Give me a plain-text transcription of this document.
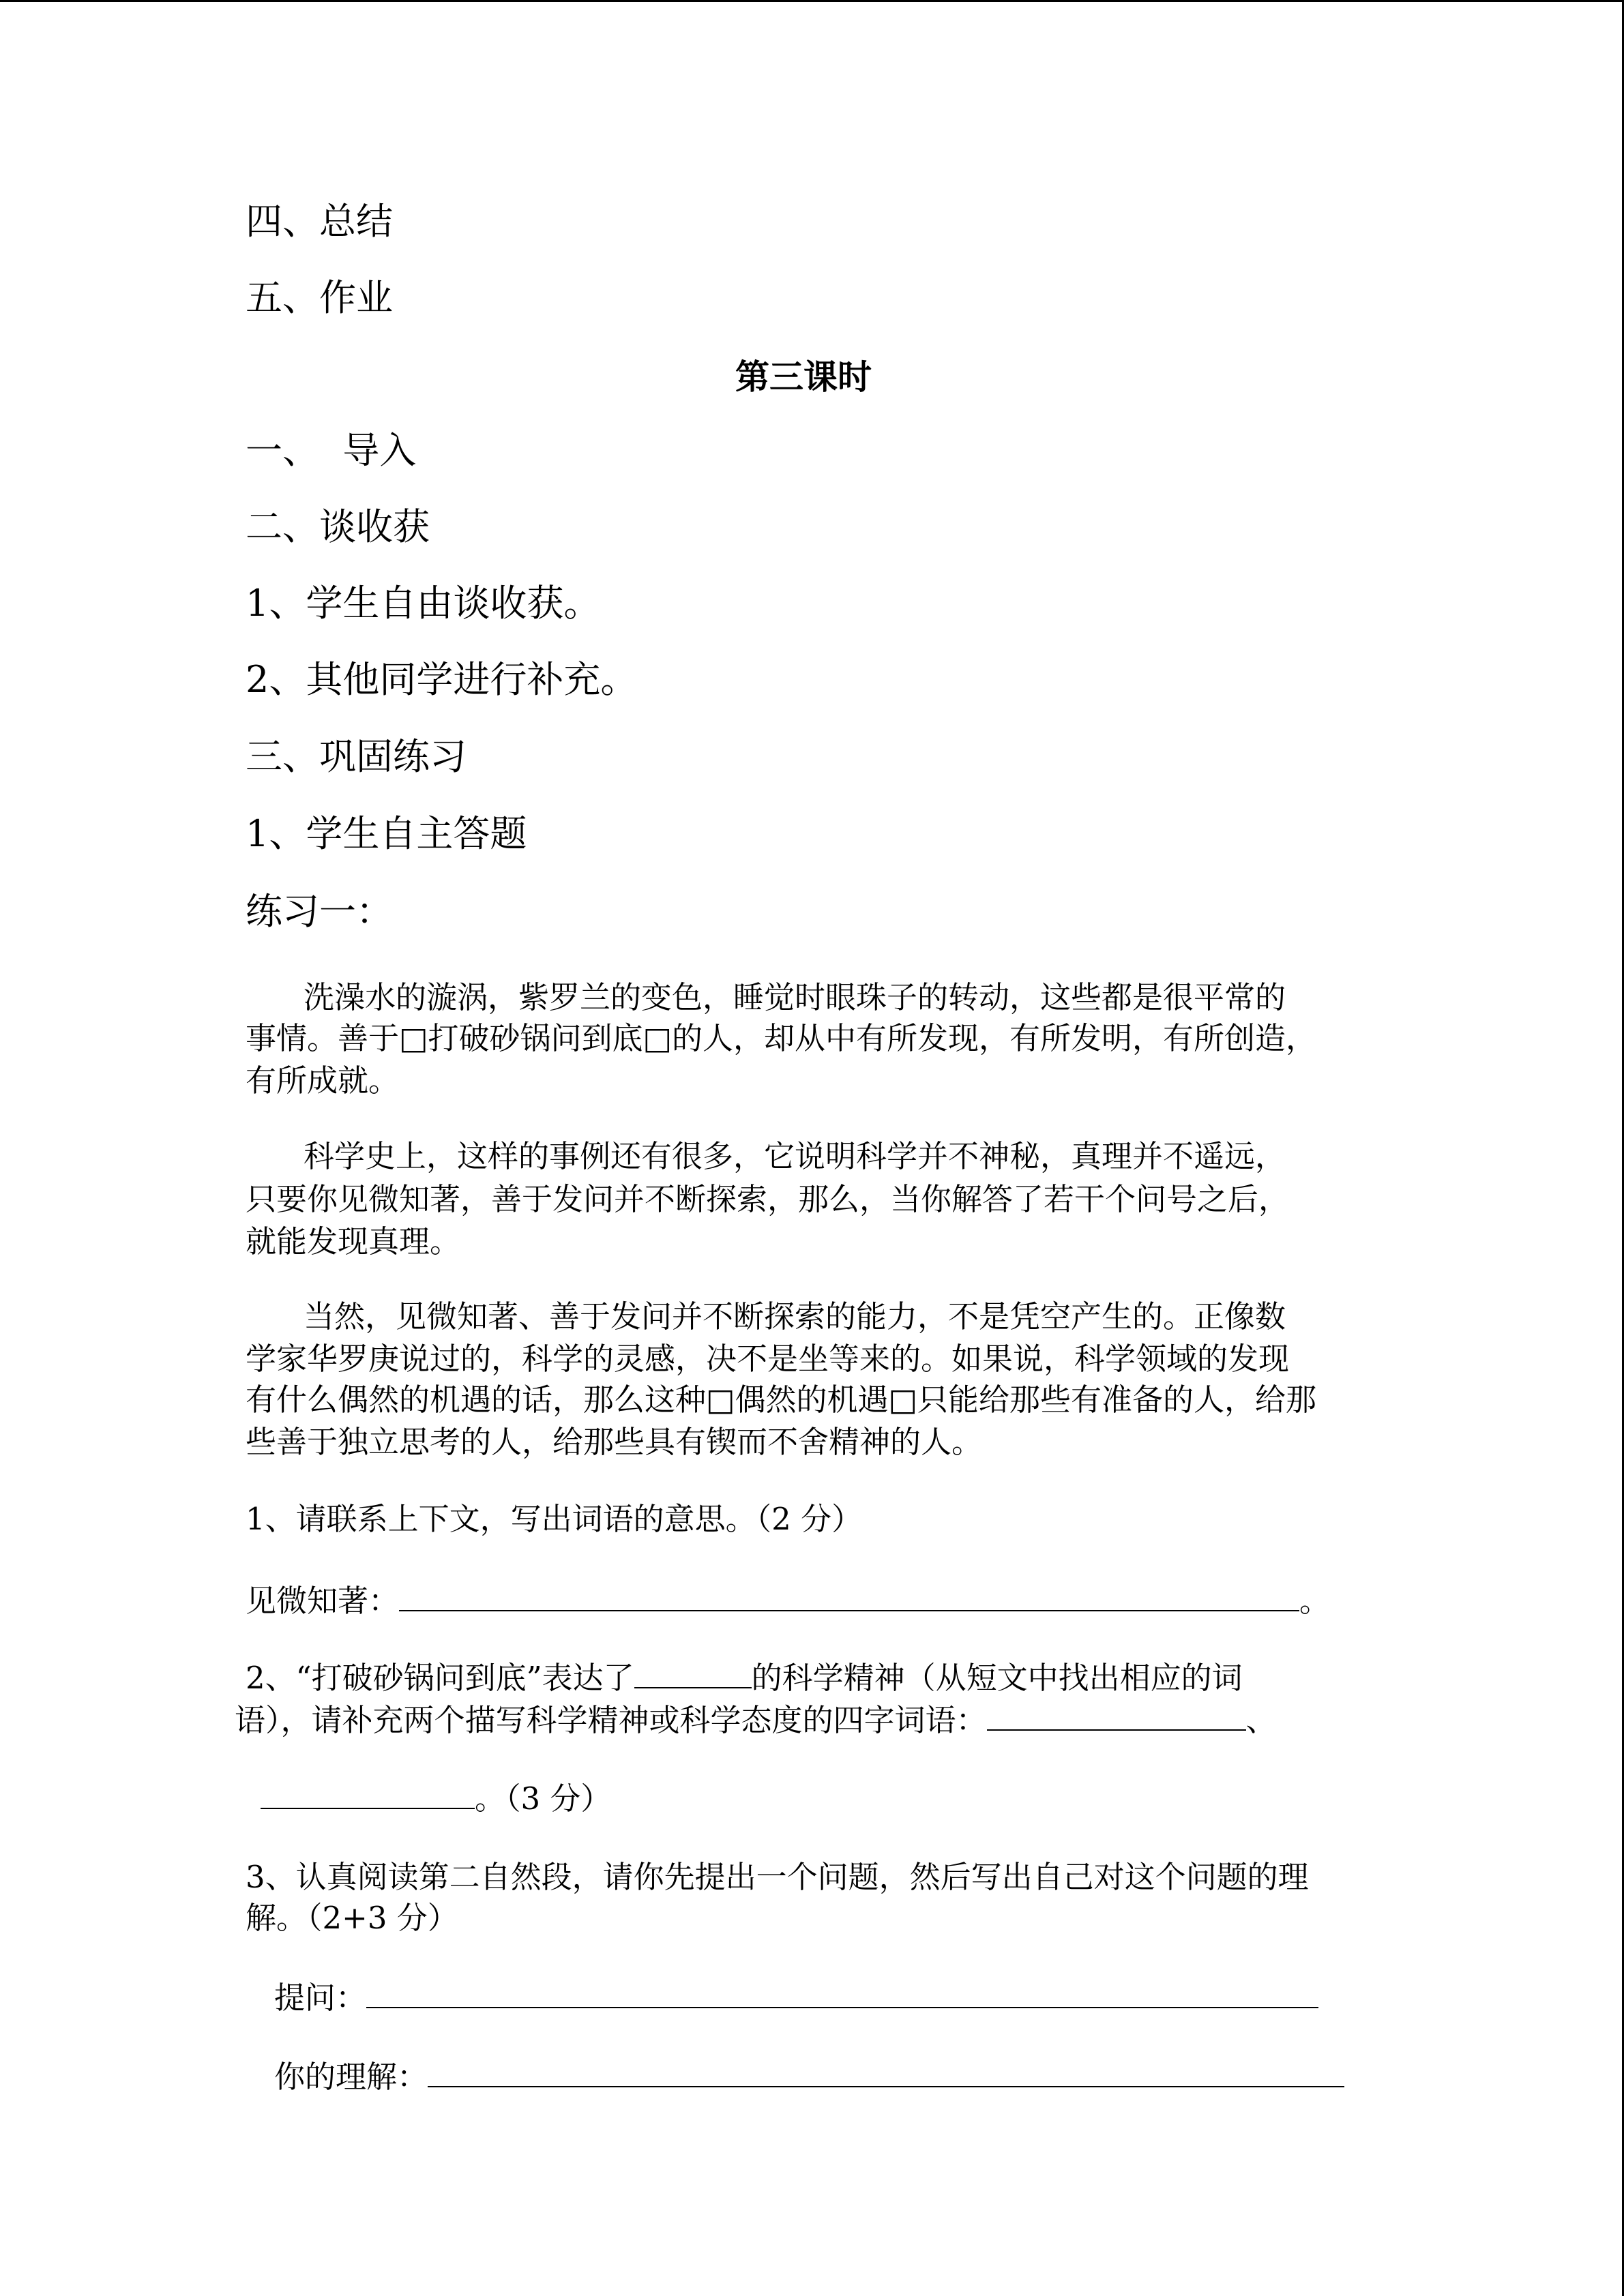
四、总结
五、作业
第三课时
一、  导入
二、谈收获
1、学生自由谈收获。
2、其他同学进行补充。
三、巩固练习
1、学生自主答题
练习一：
洗澡水的漩涡，紫罗兰的变色，睡觉时眼珠子的转动，这些都是很平常的
事情。善于□打破砂锅问到底□的人，却从中有所发现，有所发明，有所创造，
有所成就。
科学史上，这样的事例还有很多，它说明科学并不神秘，真理并不遥远，
只要你见微知著，善于发问并不断探索，那么，当你解答了若干个问号之后，
就能发现真理。
当然，见微知著、善于发问并不断探索的能力，不是凭空产生的。正像数
学家华罗庚说过的，科学的灵感，决不是坐等来的。如果说，科学领域的发现
有什么偶然的机遇的话，那么这种□偶然的机遇□只能给那些有准备的人，给那
些善于独立思考的人，给那些具有锲而不舍精神的人。
1、请联系上下文，写出词语的意思。（2 分）
见微知著：	。
2、“打破砂锅问到底”表达了	的科学精神（从短文中找出相应的词
语），请补充两个描写科学精神或科学态度的四字词语：	、
。（3 分）
3、认真阅读第二自然段，请你先提出一个问题，然后写出自己对这个问题的理
解。（2+3 分）
提问：
你的理解：
